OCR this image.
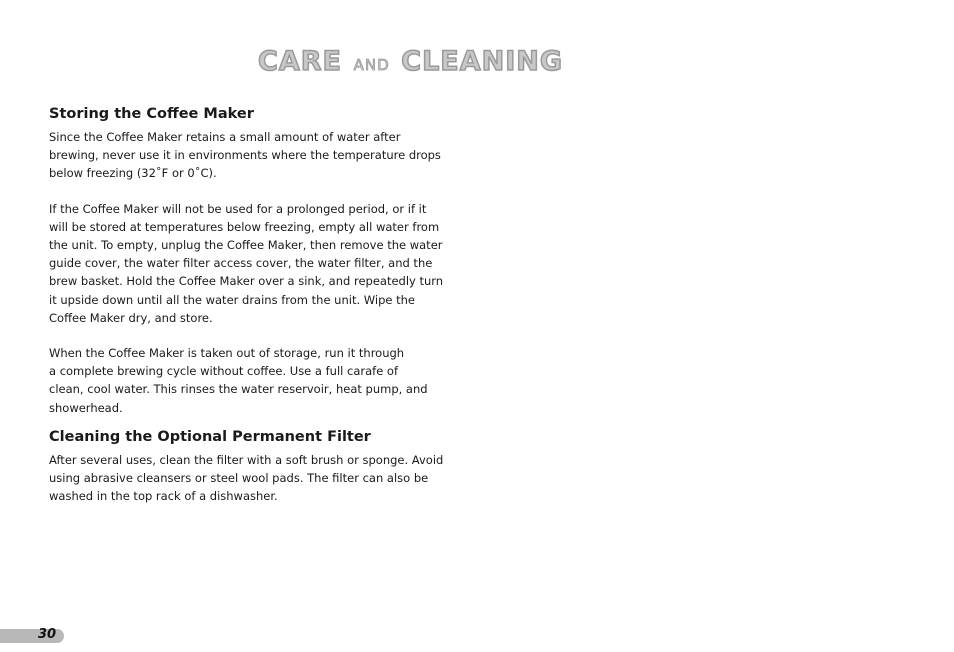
CARE AND CLEANING
Storing the Coffee Maker

Since the Coffee Maker retains a small amount of water after
brewing, never use it in environments where the temperature drops
below freezing (32˚F or 0˚C).

If the Coffee Maker will not be used for a prolonged period, or if it
will be stored at temperatures below freezing, empty all water from
the unit. To empty, unplug the Coffee Maker, then remove the water
guide cover, the water filter access cover, the water filter, and the
brew basket. Hold the Coffee Maker over a sink, and repeatedly turn
it upside down until all the water drains from the unit. Wipe the
Coffee Maker dry, and store.

When the Coffee Maker is taken out of storage, run it through
a complete brewing cycle without coffee. Use a full carafe of
clean, cool water. This rinses the water reservoir, heat pump, and
showerhead.

Cleaning the Optional Permanent Filter

After several uses, clean the filter with a soft brush or sponge. Avoid
using abrasive cleansers or steel wool pads. The filter can also be
washed in the top rack of a dishwasher.

30
